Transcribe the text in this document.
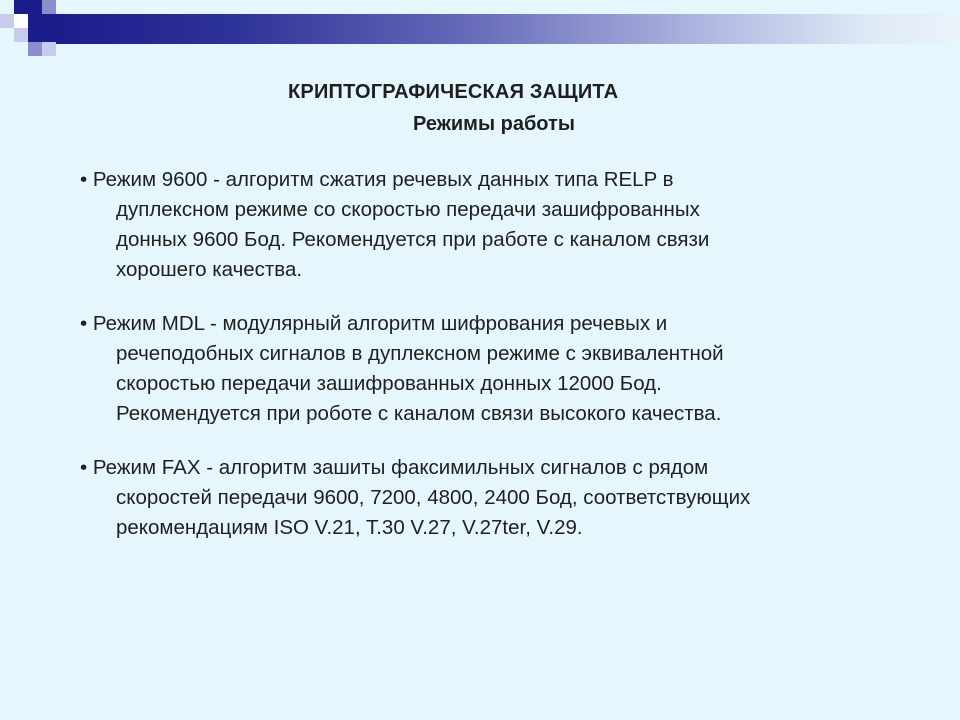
КРИПТОГРАФИЧЕСКАЯ ЗАЩИТА
Режимы работы
• Режим 9600 - алгоритм сжатия речевых данных типа RELP в
дуплексном режиме со скоростью передачи зашифрованных
донных 9600 Бод. Рекомендуется при работе с каналом связи
хорошего качества.
• Режим MDL - модулярный алгоритм шифрования речевых и
речеподобных сигналов в дуплексном режиме с эквивалентной
скоростью передачи зашифрованных донных 12000 Бод.
Рекомендуется при роботе с каналом связи высокого качества.
• Режим FAX - алгоритм зашиты факсимильных сигналов с рядом
скоростей передачи 9600, 7200, 4800, 2400 Бод, соответствующих
рекомендациям ISO V.21, T.30 V.27, V.27ter, V.29.
